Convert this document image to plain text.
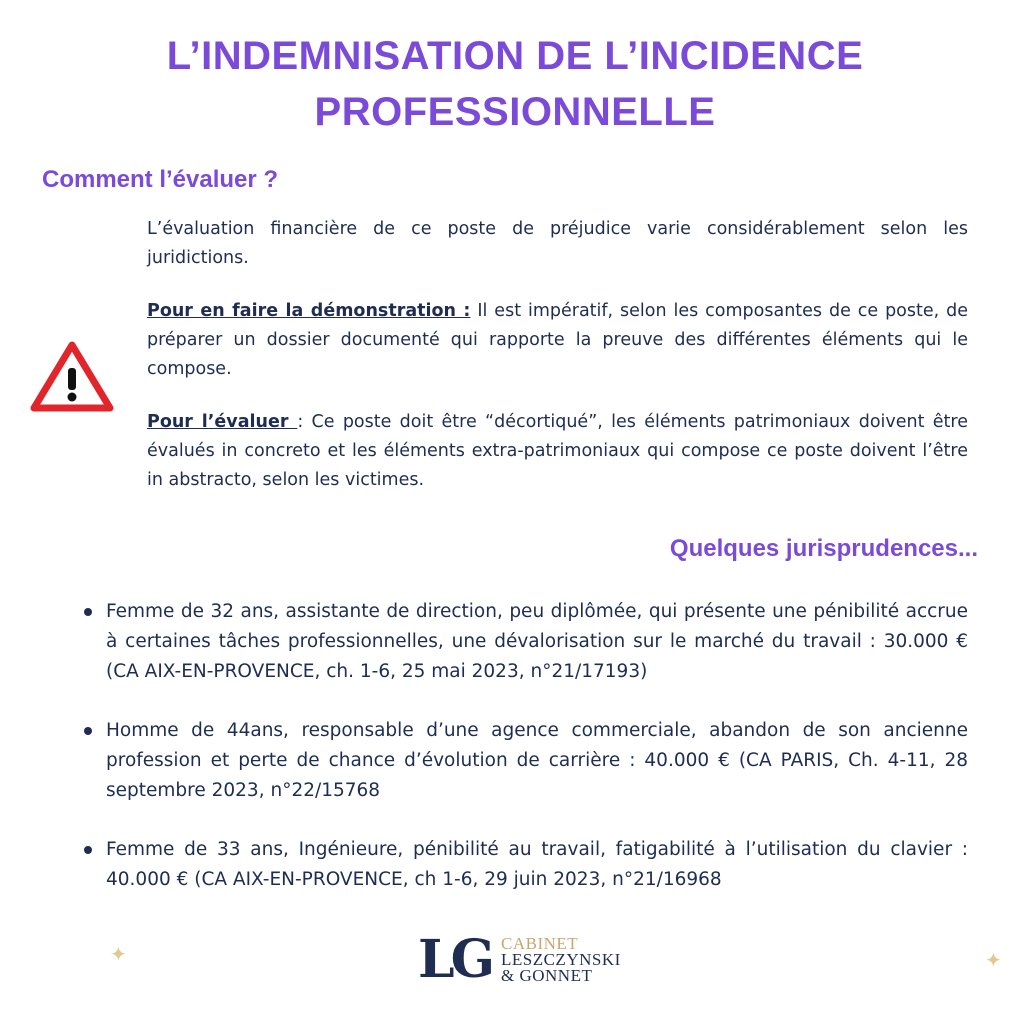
L’INDEMNISATION DE L’INCIDENCE
PROFESSIONNELLE
Comment l’évaluer ?

L’évaluation financière de ce poste de préjudice varie considérablement selon les juridictions.

Pour en faire la démonstration : Il est impératif, selon les composantes de ce poste, de préparer un dossier documenté qui rapporte la preuve des différentes éléments qui le compose.

Pour l’évaluer : Ce poste doit être “décortiqué”, les éléments patrimoniaux doivent être évalués in concreto et les éléments extra-patrimoniaux qui compose ce poste doivent l’être in abstracto, selon les victimes.

Quelques jurisprudences...
Femme de 32 ans, assistante de direction, peu diplômée, qui présente une pénibilité accrue à certaines tâches professionnelles, une dévalorisation sur le marché du travail : 30.000 € (CA AIX-EN-PROVENCE, ch. 1-6, 25 mai 2023, n°21/17193)
Homme de 44ans, responsable d’une agence commerciale, abandon de son ancienne profession et perte de chance d’évolution de carrière : 40.000 € (CA PARIS, Ch. 4-11, 28 septembre 2023, n°22/15768
Femme de 33 ans, Ingénieure, pénibilité au travail, fatigabilité à l’utilisation du clavier : 40.000 € (CA AIX-EN-PROVENCE, ch 1-6, 29 juin 2023, n°21/16968
✦	✦
LG CABINET
LESZCZYNSKI
& GONNET
